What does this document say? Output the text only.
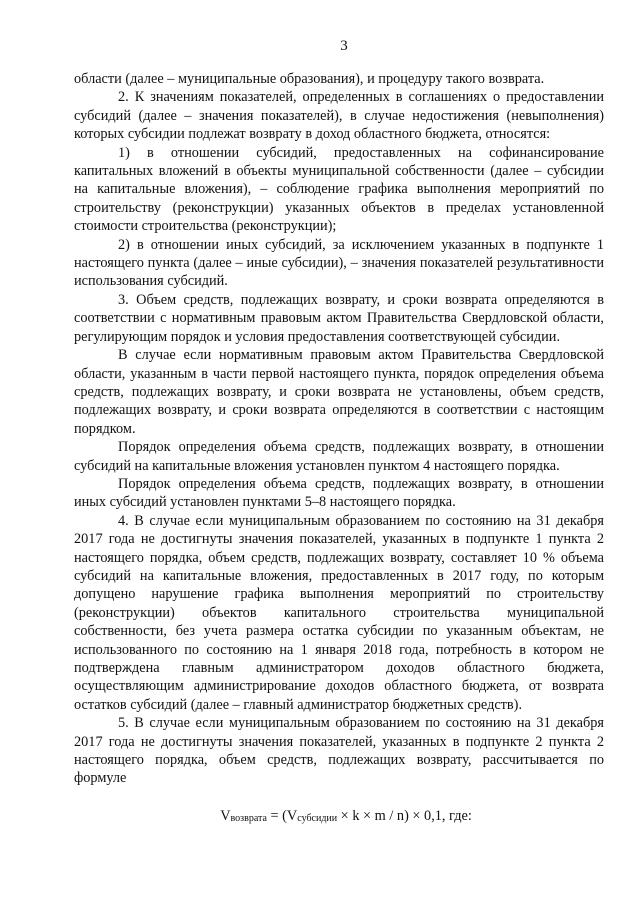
3

области (далее – муниципальные образования), и процедуру такого возврата.

2. К значениям показателей, определенных в соглашениях о предоставлении субсидий (далее – значения показателей), в случае недостижения (невыполнения) которых субсидии подлежат возврату в доход областного бюджета, относятся:

1) в отношении субсидий, предоставленных на софинансирование капитальных вложений в объекты муниципальной собственности (далее – субсидии на капитальные вложения), – соблюдение графика выполнения мероприятий по строительству (реконструкции) указанных объектов в пределах установленной стоимости строительства (реконструкции);

2) в отношении иных субсидий, за исключением указанных в подпункте 1 настоящего пункта (далее – иные субсидии), – значения показателей результативности использования субсидий.

3. Объем средств, подлежащих возврату, и сроки возврата определяются в соответствии с нормативным правовым актом Правительства Свердловской области, регулирующим порядок и условия предоставления соответствующей субсидии.

В случае если нормативным правовым актом Правительства Свердловской области, указанным в части первой настоящего пункта, порядок определения объема средств, подлежащих возврату, и сроки возврата не установлены, объем средств, подлежащих возврату, и сроки возврата определяются в соответствии с настоящим порядком.

Порядок определения объема средств, подлежащих возврату, в отношении субсидий на капитальные вложения установлен пунктом 4 настоящего порядка.

Порядок определения объема средств, подлежащих возврату, в отношении иных субсидий установлен пунктами 5–8 настоящего порядка.

4. В случае если муниципальным образованием по состоянию на 31 декабря 2017 года не достигнуты значения показателей, указанных в подпункте 1 пункта 2 настоящего порядка, объем средств, подлежащих возврату, составляет 10 % объема субсидий на капитальные вложения, предоставленных в 2017 году, по которым допущено нарушение графика выполнения мероприятий по строительству (реконструкции) объектов капитального строительства муниципальной собственности, без учета размера остатка субсидии по указанным объектам, не использованного по состоянию на 1 января 2018 года, потребность в котором не подтверждена главным администратором доходов областного бюджета, осуществляющим администрирование доходов областного бюджета, от возврата остатков субсидий (далее – главный администратор бюджетных средств).

5. В случае если муниципальным образованием по состоянию на 31 декабря 2017 года не достигнуты значения показателей, указанных в подпункте 2 пункта 2 настоящего порядка, объем средств, подлежащих возврату, рассчитывается по формуле

$V_{возврата} = (V_{субсидии} \times k \times m / n) \times 0,1$, где:
